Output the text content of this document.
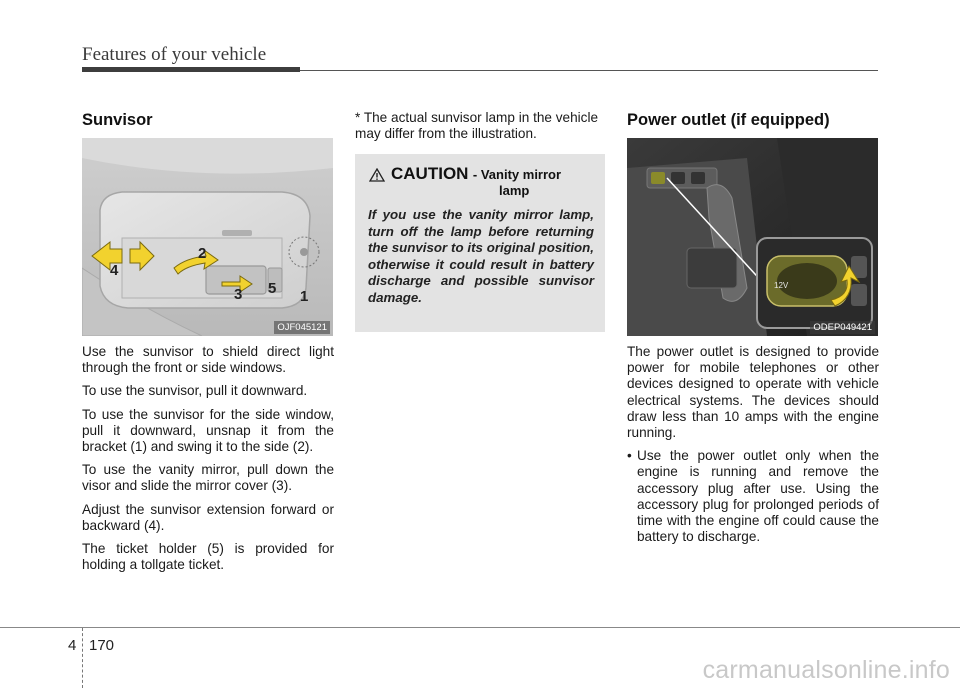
Features of your vehicle
Sunvisor
2
4
3 5 1
OJF045121

Use the sunvisor to shield direct light through the front or side windows.

To use the sunvisor, pull it downward.

To use the sunvisor for the side window, pull it downward, unsnap it from the bracket (1) and swing it to the side (2).

To use the vanity mirror, pull down the visor and slide the mirror cover (3).

Adjust the sunvisor extension forward or backward (4).

The ticket holder (5) is provided for holding a tollgate ticket.

* The actual sunvisor lamp in the vehicle may differ from the illustration.
CAUTION - Vanity mirror
lamp

If you use the vanity mirror lamp, turn off the lamp before returning the sunvisor to its original position, otherwise it could result in battery discharge and possible sunvisor damage.

Power outlet (if equipped)
12V
ODEP049421

The power outlet is designed to provide power for mobile telephones or other devices designed to operate with vehicle electrical systems. The devices should draw less than 10 amps with the engine running.

• Use the power outlet only when the engine is running and remove the accessory plug after use. Using the accessory plug for prolonged periods of time with the engine off could cause the battery to discharge.
4 170
carmanualsonline.info
